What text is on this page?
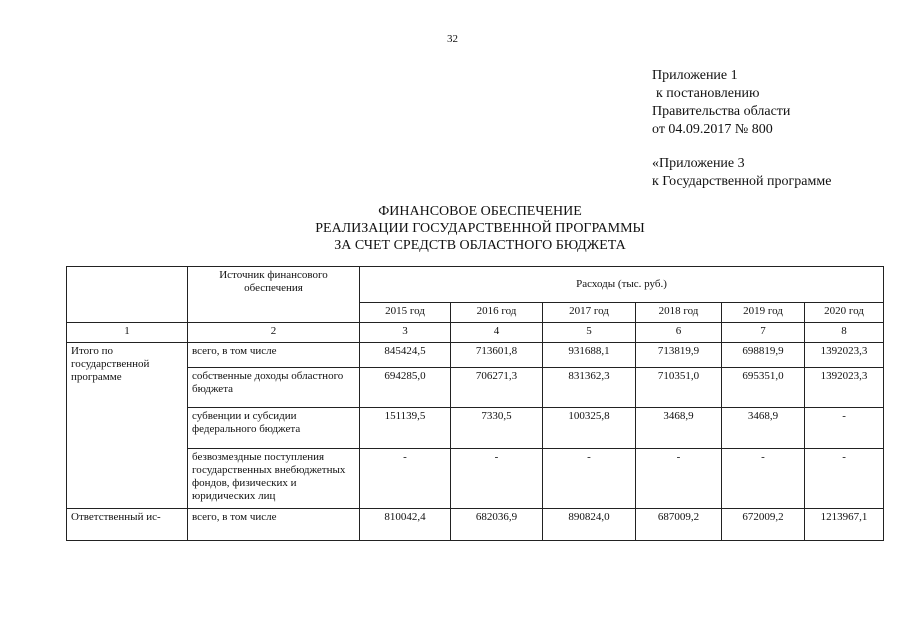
32
Приложение 1
к постановлению
Правительства области
от 04.09.2017 № 800
«Приложение 3
к Государственной программе
ФИНАНСОВОЕ ОБЕСПЕЧЕНИЕ
РЕАЛИЗАЦИИ ГОСУДАРСТВЕННОЙ ПРОГРАММЫ
ЗА СЧЕТ СРЕДСТВ ОБЛАСТНОГО БЮДЖЕТА
	Источник финансового обеспечения	Расходы (тыс. руб.)					
		2015 год	2016 год	2017 год	2018 год	2019 год	2020 год
1	2	3	4	5	6	7	8
Итого по государственной программе	всего, в том числе	845424,5	713601,8	931688,1	713819,9	698819,9	1392023,3
	собственные доходы областного бюджета	694285,0	706271,3	831362,3	710351,0	695351,0	1392023,3
	субвенции и субсидии федерального бюджета	151139,5	7330,5	100325,8	3468,9	3468,9	-
	безвозмездные поступления государственных внебюджетных фондов, физических и юридических лиц	-	-	-	-	-	-
Ответственный ис-	всего, в том числе	810042,4	682036,9	890824,0	687009,2	672009,2	1213967,1
